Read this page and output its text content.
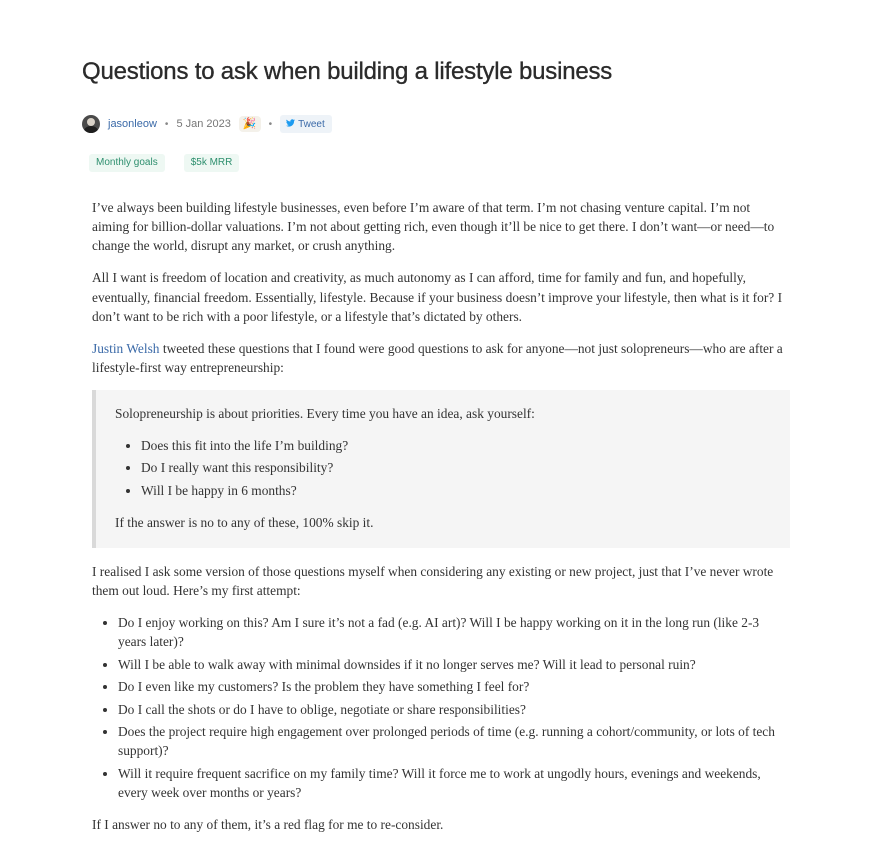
Questions to ask when building a lifestyle business
jasonleow • 5 Jan 2023	🎉	•	Tweet
Monthly goals	$5k MRR

I’ve always been building lifestyle businesses, even before I’m aware of that term. I’m not chasing venture capital. I’m not aiming for billion-dollar valuations. I’m not about getting rich, even though it’ll be nice to get there. I don’t want—or need—to change the world, disrupt any market, or crush anything.

All I want is freedom of location and creativity, as much autonomy as I can afford, time for family and fun, and hopefully, eventually, financial freedom. Essentially, lifestyle. Because if your business doesn’t improve your lifestyle, then what is it for? I don’t want to be rich with a poor lifestyle, or a lifestyle that’s dictated by others.

Justin Welsh tweeted these questions that I found were good questions to ask for anyone—not just solopreneurs—who are after a lifestyle-first way entrepreneurship:

Solopreneurship is about priorities. Every time you have an idea, ask yourself:

• Does this fit into the life I’m building?
• Do I really want this responsibility?
• Will I be happy in 6 months?

If the answer is no to any of these, 100% skip it.

I realised I ask some version of those questions myself when considering any existing or new project, just that I’ve never wrote them out loud. Here’s my first attempt:

• Do I enjoy working on this? Am I sure it’s not a fad (e.g. AI art)? Will I be happy working on it in the long run (like 2-3 years later)?
• Will I be able to walk away with minimal downsides if it no longer serves me? Will it lead to personal ruin?
• Do I even like my customers? Is the problem they have something I feel for?
• Do I call the shots or do I have to oblige, negotiate or share responsibilities?
• Does the project require high engagement over prolonged periods of time (e.g. running a cohort/community, or lots of tech support)?
• Will it require frequent sacrifice on my family time? Will it force me to work at ungodly hours, evenings and weekends, every week over months or years?

If I answer no to any of them, it’s a red flag for me to re-consider.
